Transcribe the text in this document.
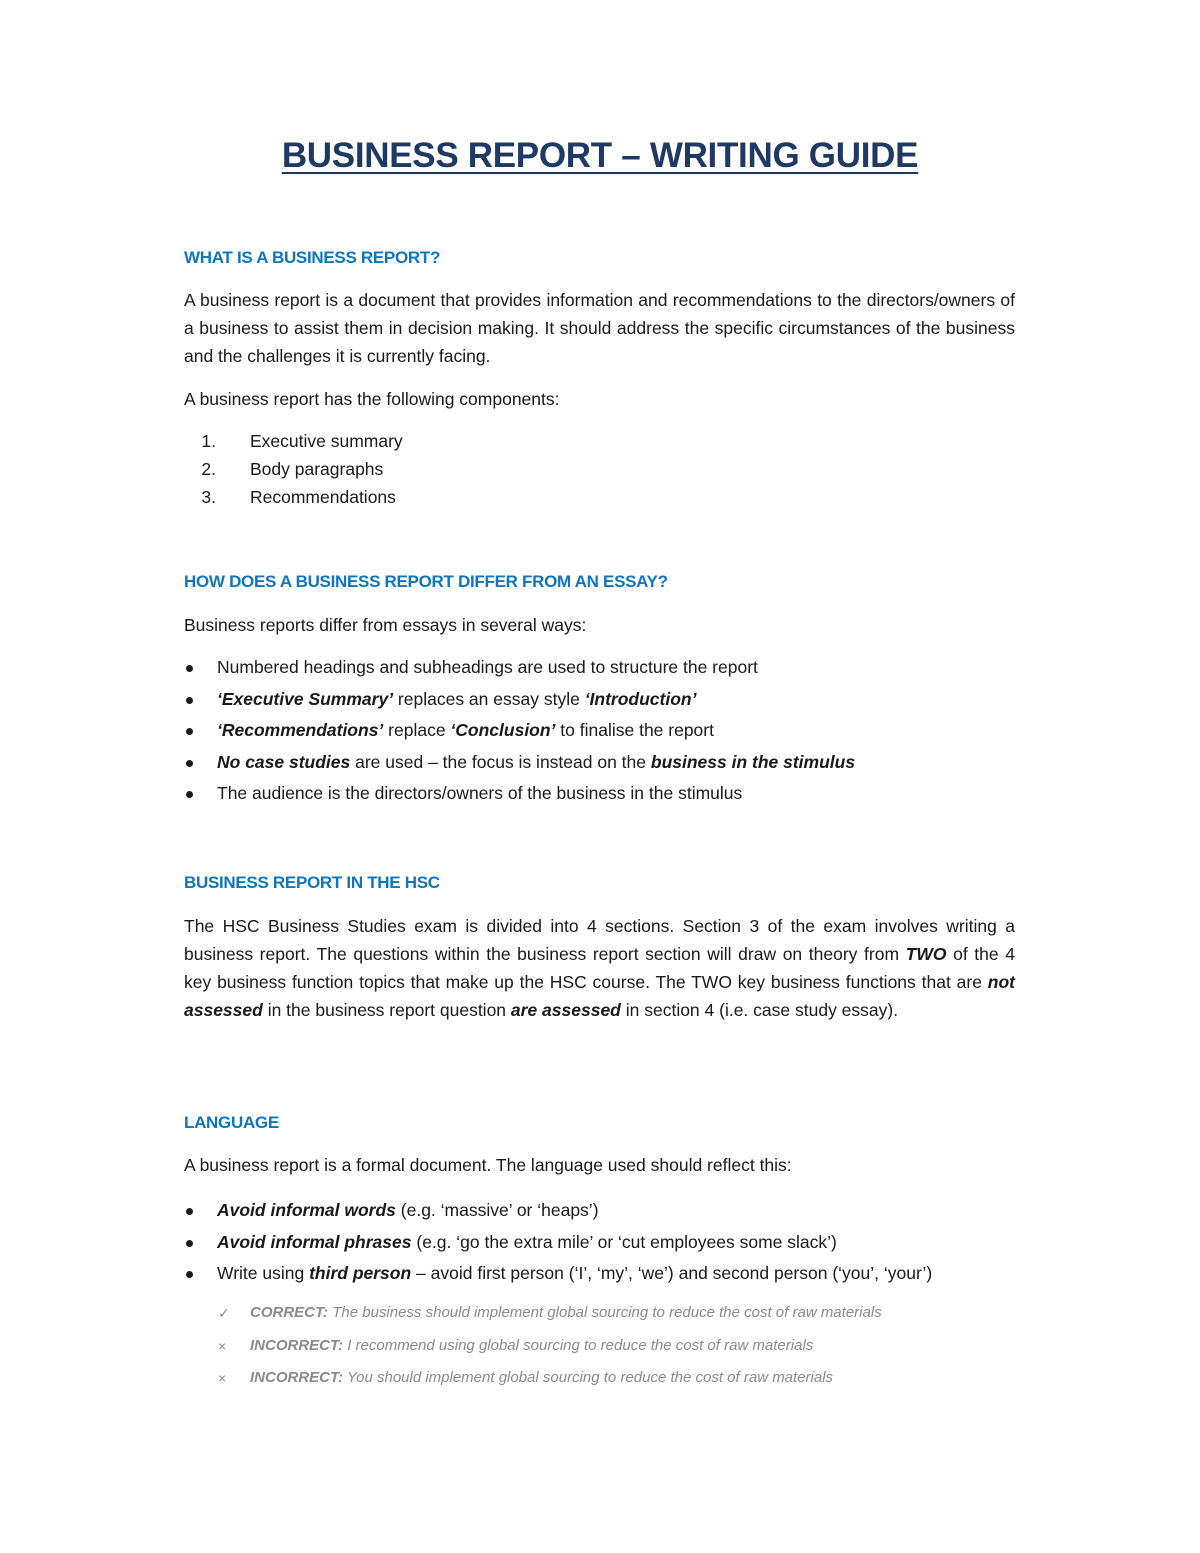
BUSINESS REPORT – WRITING GUIDE
WHAT IS A BUSINESS REPORT?

A business report is a document that provides information and recommendations to the directors/owners of a business to assist them in decision making. It should address the specific circumstances of the business and the challenges it is currently facing.

A business report has the following components:

1. Executive summary
2. Body paragraphs
3. Recommendations
HOW DOES A BUSINESS REPORT DIFFER FROM AN ESSAY?

Business reports differ from essays in several ways:

Numbered headings and subheadings are used to structure the report
‘Executive Summary’ replaces an essay style ‘Introduction’
‘Recommendations’ replace ‘Conclusion’ to finalise the report
No case studies are used – the focus is instead on the business in the stimulus
The audience is the directors/owners of the business in the stimulus
BUSINESS REPORT IN THE HSC

The HSC Business Studies exam is divided into 4 sections. Section 3 of the exam involves writing a business report. The questions within the business report section will draw on theory from TWO of the 4 key business function topics that make up the HSC course. The TWO key business functions that are not assessed in the business report question are assessed in section 4 (i.e. case study essay).

LANGUAGE

A business report is a formal document. The language used should reflect this:

Avoid informal words (e.g. ‘massive’ or ‘heaps’)
Avoid informal phrases (e.g. ‘go the extra mile’ or ‘cut employees some slack’)
Write using third person – avoid first person (‘I’, ‘my’, ‘we’) and second person (‘you’, ‘your’)
✓ CORRECT: The business should implement global sourcing to reduce the cost of raw materials
× INCORRECT: I recommend using global sourcing to reduce the cost of raw materials
× INCORRECT: You should implement global sourcing to reduce the cost of raw materials
